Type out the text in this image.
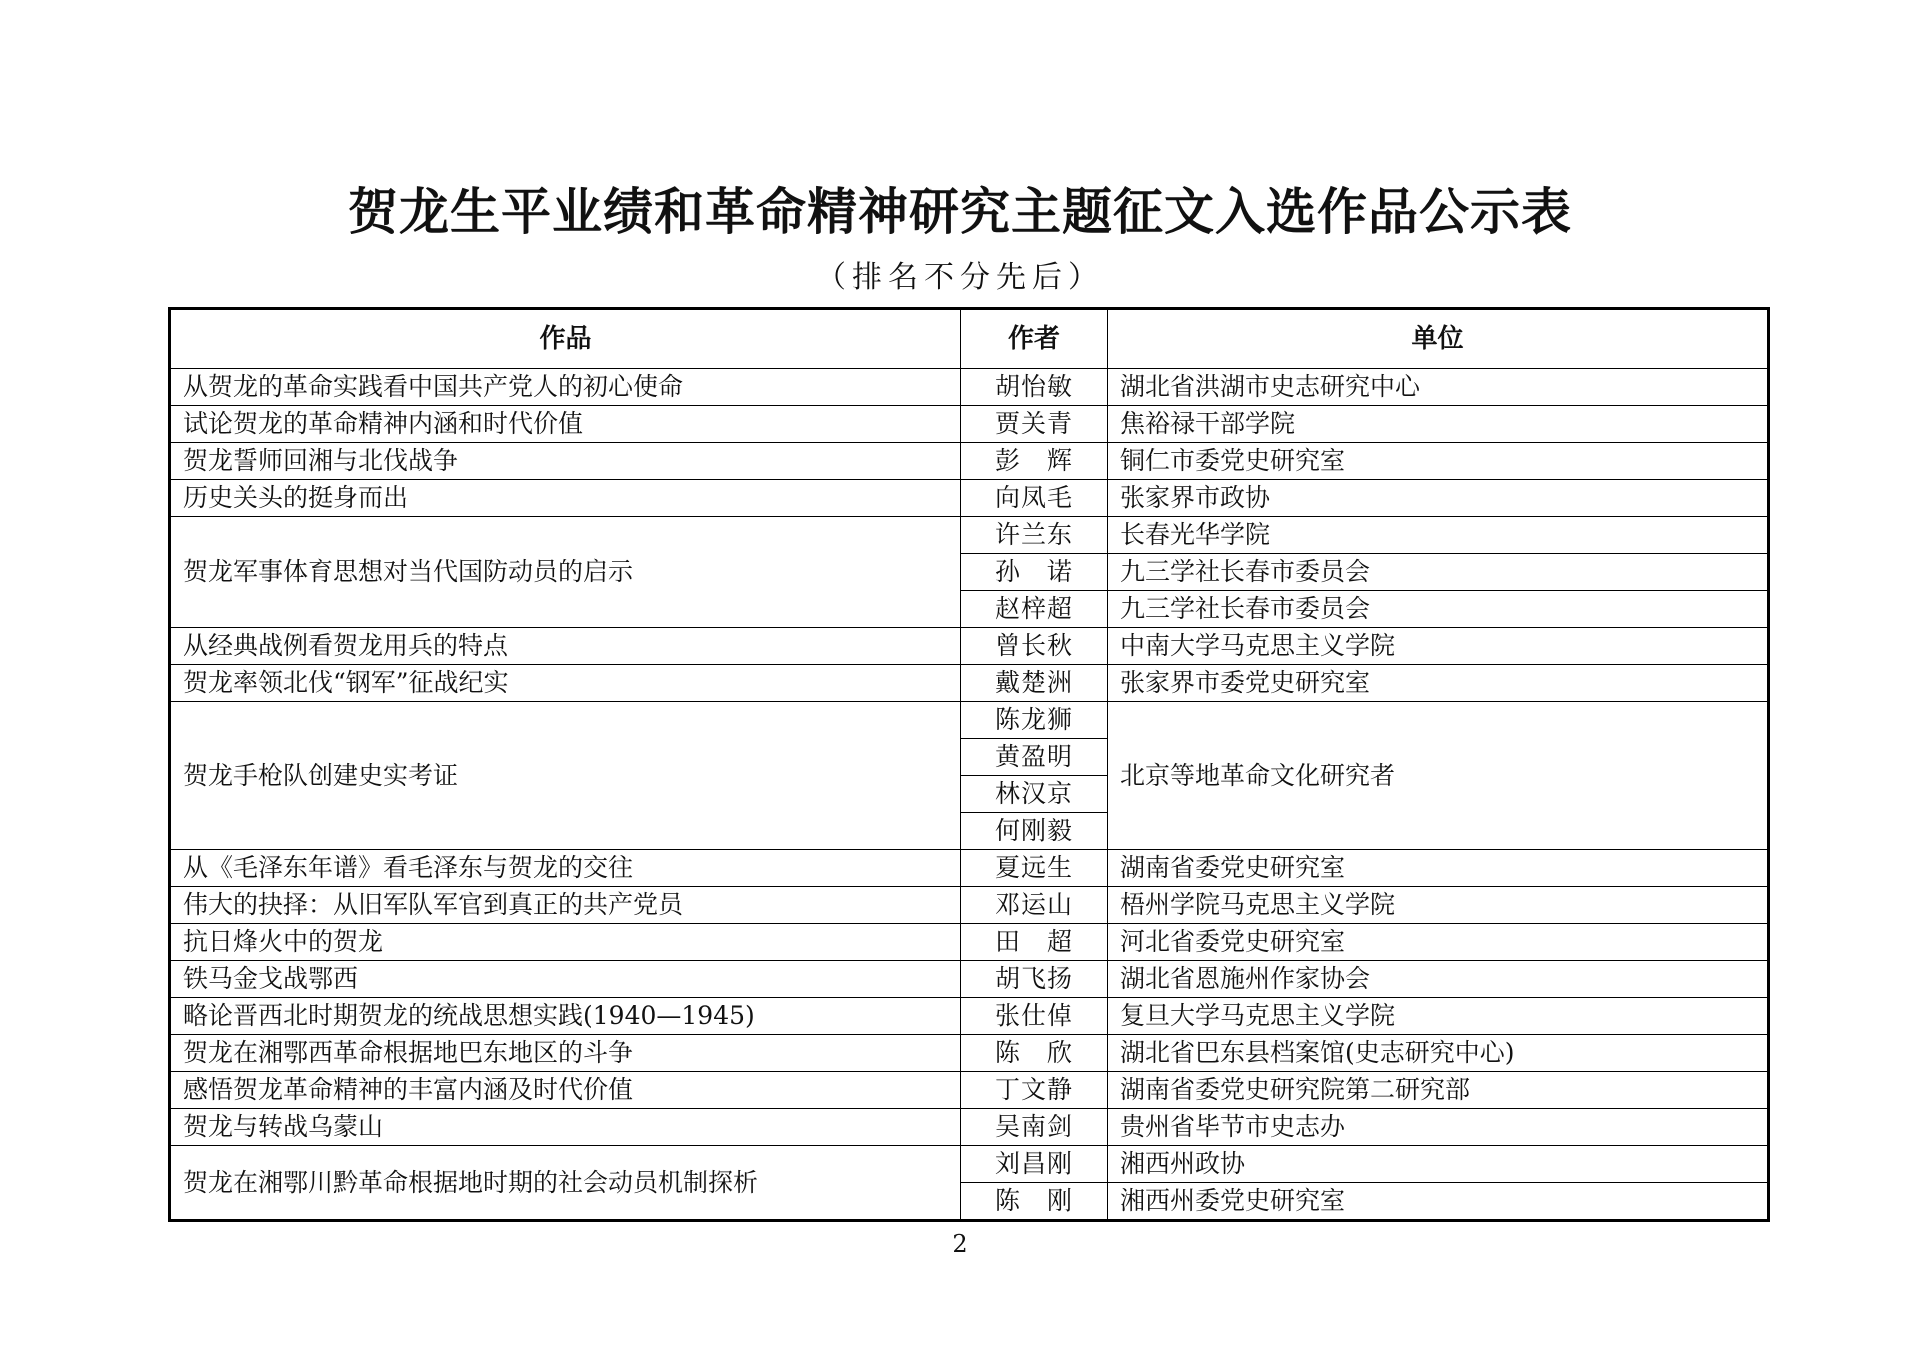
贺龙生平业绩和革命精神研究主题征文入选作品公示表
（排名不分先后）
作品	作者	单位
从贺龙的革命实践看中国共产党人的初心使命	胡怡敏	湖北省洪湖市史志研究中心
试论贺龙的革命精神内涵和时代价值	贾关青	焦裕禄干部学院
贺龙誓师回湘与北伐战争	彭　辉	铜仁市委党史研究室
历史关头的挺身而出	向凤毛	张家界市政协
贺龙军事体育思想对当代国防动员的启示	许兰东	长春光华学院
	孙　诺	九三学社长春市委员会
	赵梓超	九三学社长春市委员会
从经典战例看贺龙用兵的特点	曾长秋	中南大学马克思主义学院
贺龙率领北伐“钢军”征战纪实	戴楚洲	张家界市委党史研究室
贺龙手枪队创建史实考证	陈龙狮	北京等地革命文化研究者
	黄盈明	
	林汉京	
	何刚毅	
从《毛泽东年谱》看毛泽东与贺龙的交往	夏远生	湖南省委党史研究室
伟大的抉择：从旧军队军官到真正的共产党员	邓运山	梧州学院马克思主义学院
抗日烽火中的贺龙	田　超	河北省委党史研究室
铁马金戈战鄂西	胡飞扬	湖北省恩施州作家协会
略论晋西北时期贺龙的统战思想实践(1940—1945)	张仕倬	复旦大学马克思主义学院
贺龙在湘鄂西革命根据地巴东地区的斗争	陈　欣	湖北省巴东县档案馆(史志研究中心)
感悟贺龙革命精神的丰富内涵及时代价值	丁文静	湖南省委党史研究院第二研究部
贺龙与转战乌蒙山	吴南剑	贵州省毕节市史志办
贺龙在湘鄂川黔革命根据地时期的社会动员机制探析	刘昌刚	湘西州政协
	陈　刚	湘西州委党史研究室
2
